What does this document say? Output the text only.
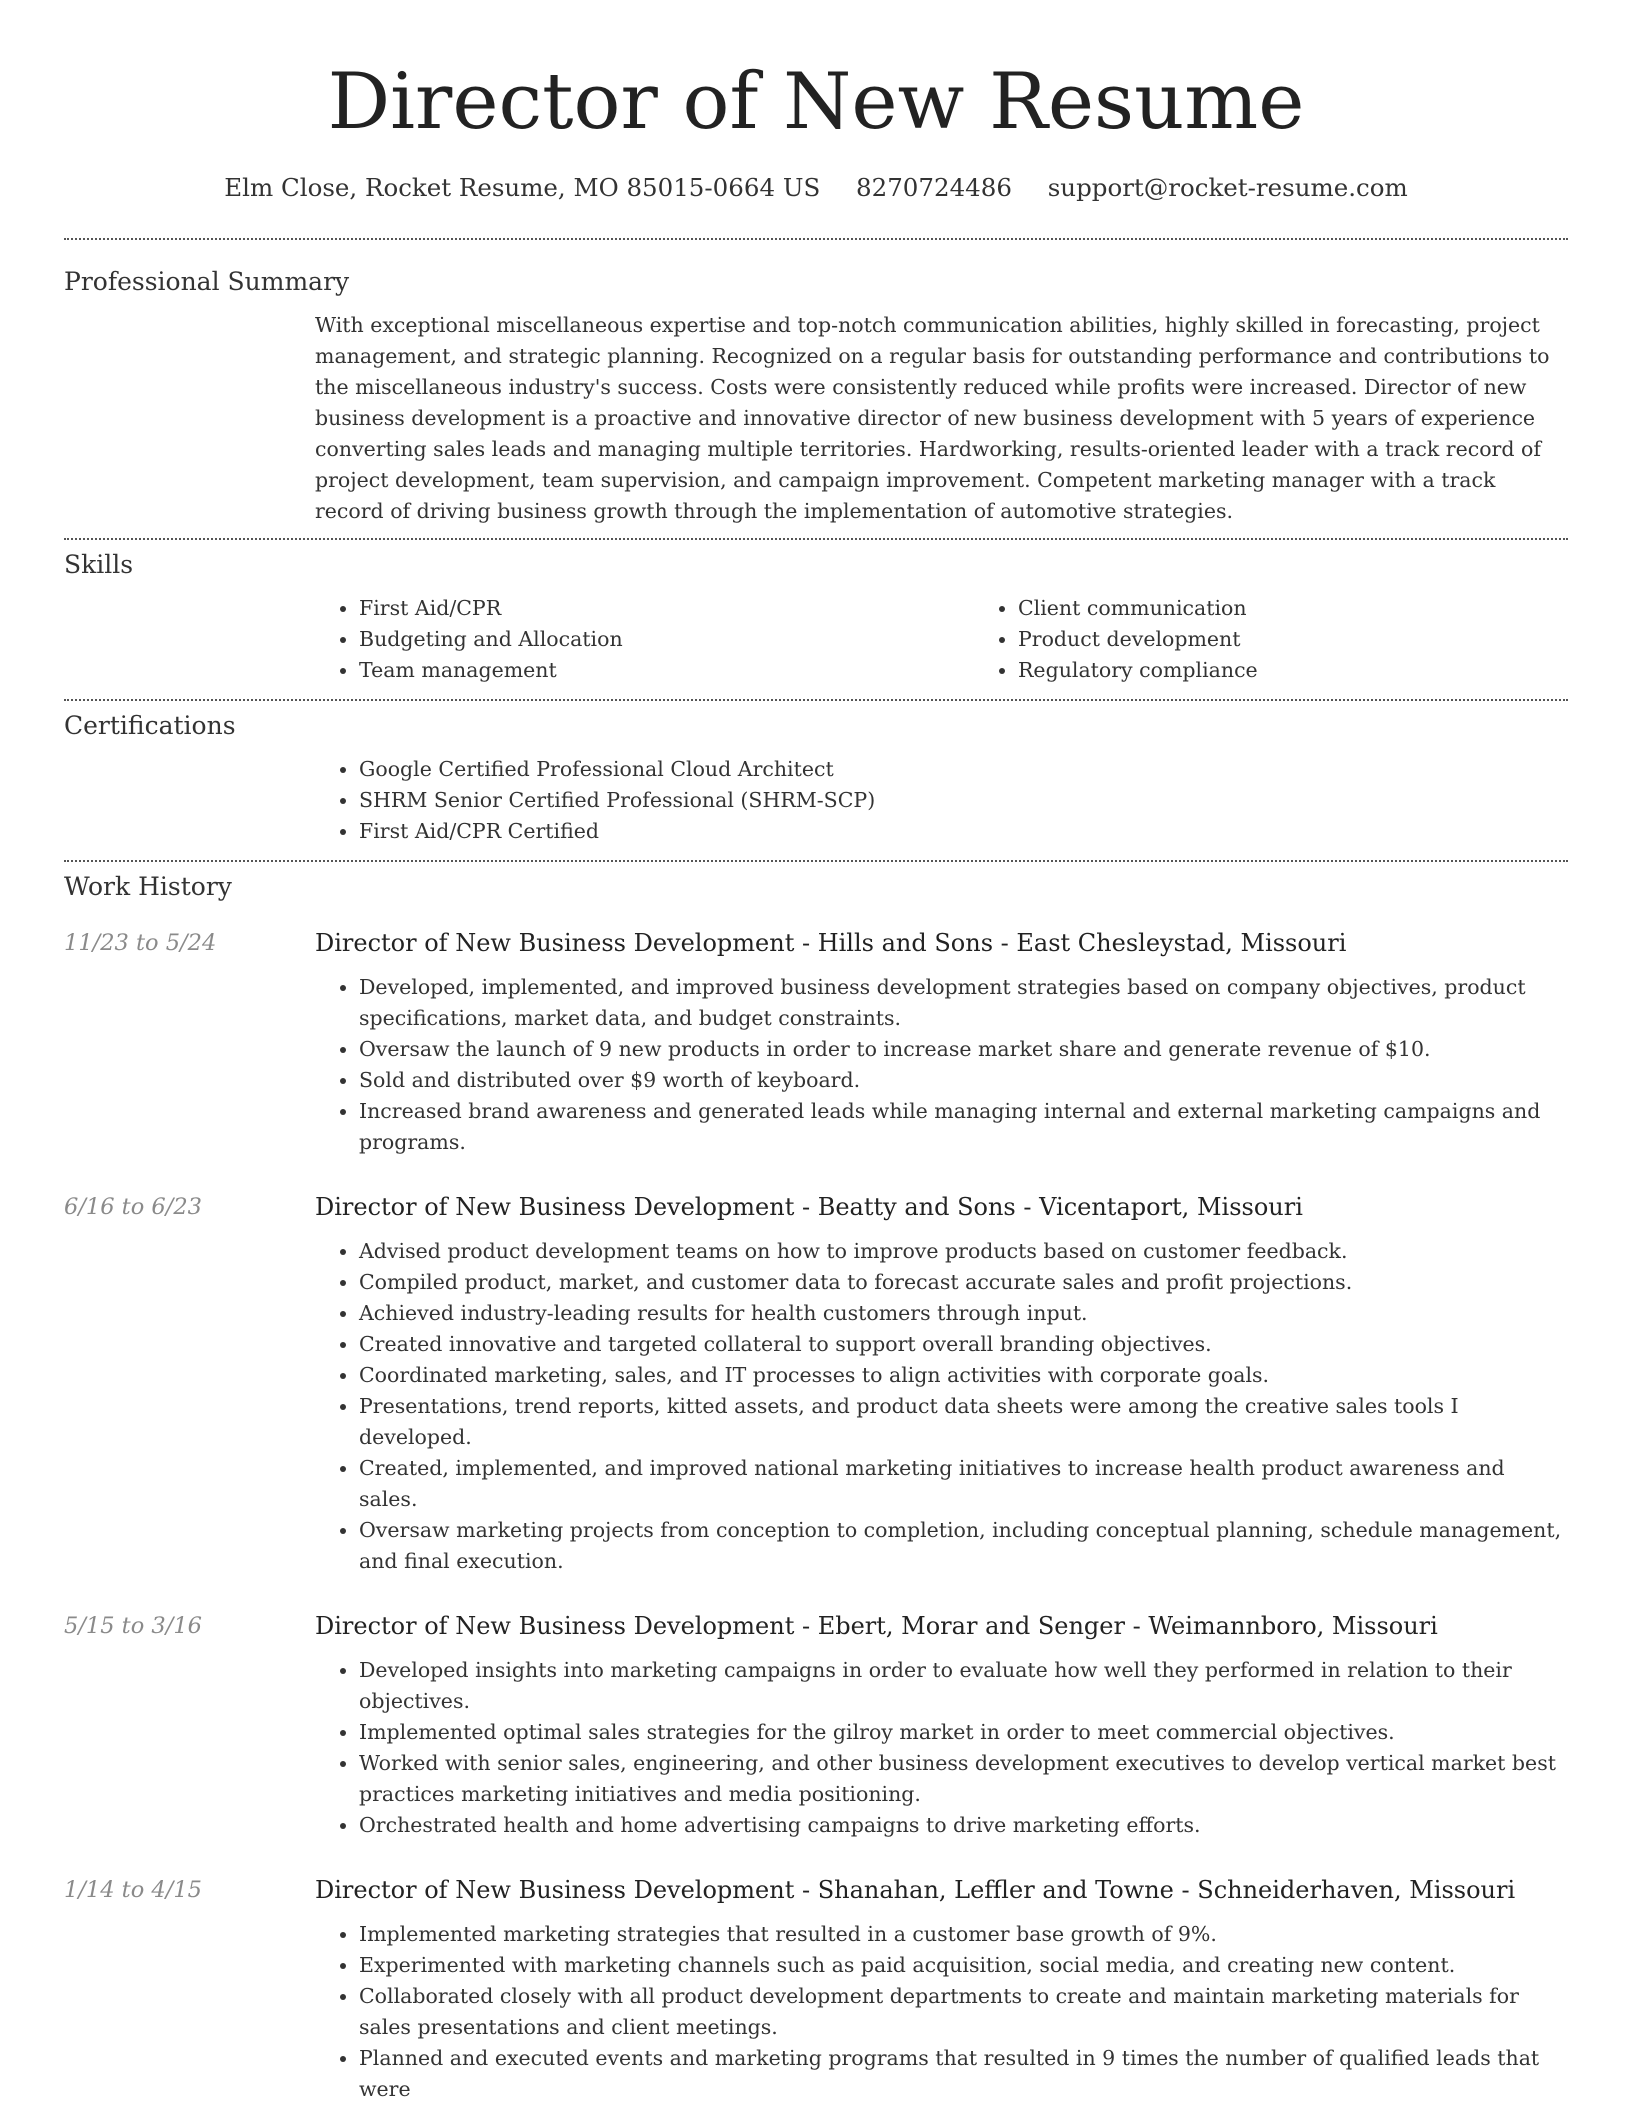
Director of New Resume
Elm Close, Rocket Resume, MO 85015-0664 US 8270724486 support@rocket-resume.com
Professional Summary

With exceptional miscellaneous expertise and top-notch communication abilities, highly skilled in forecasting, project management, and strategic planning. Recognized on a regular basis for outstanding performance and contributions to the miscellaneous industry's success. Costs were consistently reduced while profits were increased. Director of new business development is a proactive and innovative director of new business development with 5 years of experience converting sales leads and managing multiple territories. Hardworking, results-oriented leader with a track record of project development, team supervision, and campaign improvement. Competent marketing manager with a track record of driving business growth through the implementation of automotive strategies.

Skills
• First Aid/CPR
• Budgeting and Allocation
• Team management
• Client communication
• Product development
• Regulatory compliance
Certifications
• Google Certified Professional Cloud Architect
• SHRM Senior Certified Professional (SHRM-SCP)
• First Aid/CPR Certified
Work History
11/23 to 5/24	Director of New Business Development - Hills and Sons - East Chesleystad, Missouri
• Developed, implemented, and improved business development strategies based on company objectives, product specifications, market data, and budget constraints.
• Oversaw the launch of 9 new products in order to increase market share and generate revenue of $10.
• Sold and distributed over $9 worth of keyboard.
• Increased brand awareness and generated leads while managing internal and external marketing campaigns and programs.
6/16 to 6/23	Director of New Business Development - Beatty and Sons - Vicentaport, Missouri
• Advised product development teams on how to improve products based on customer feedback.
• Compiled product, market, and customer data to forecast accurate sales and profit projections.
• Achieved industry-leading results for health customers through input.
• Created innovative and targeted collateral to support overall branding objectives.
• Coordinated marketing, sales, and IT processes to align activities with corporate goals.
• Presentations, trend reports, kitted assets, and product data sheets were among the creative sales tools I developed.
• Created, implemented, and improved national marketing initiatives to increase health product awareness and sales.
• Oversaw marketing projects from conception to completion, including conceptual planning, schedule management, and final execution.
5/15 to 3/16	Director of New Business Development - Ebert, Morar and Senger - Weimannboro, Missouri
• Developed insights into marketing campaigns in order to evaluate how well they performed in relation to their objectives.
• Implemented optimal sales strategies for the gilroy market in order to meet commercial objectives.
• Worked with senior sales, engineering, and other business development executives to develop vertical market best practices marketing initiatives and media positioning.
• Orchestrated health and home advertising campaigns to drive marketing efforts.
1/14 to 4/15	Director of New Business Development - Shanahan, Leffler and Towne - Schneiderhaven, Missouri
• Implemented marketing strategies that resulted in a customer base growth of 9%.
• Experimented with marketing channels such as paid acquisition, social media, and creating new content.
• Collaborated closely with all product development departments to create and maintain marketing materials for sales presentations and client meetings.
• Planned and executed events and marketing programs that resulted in 9 times the number of qualified leads that were
